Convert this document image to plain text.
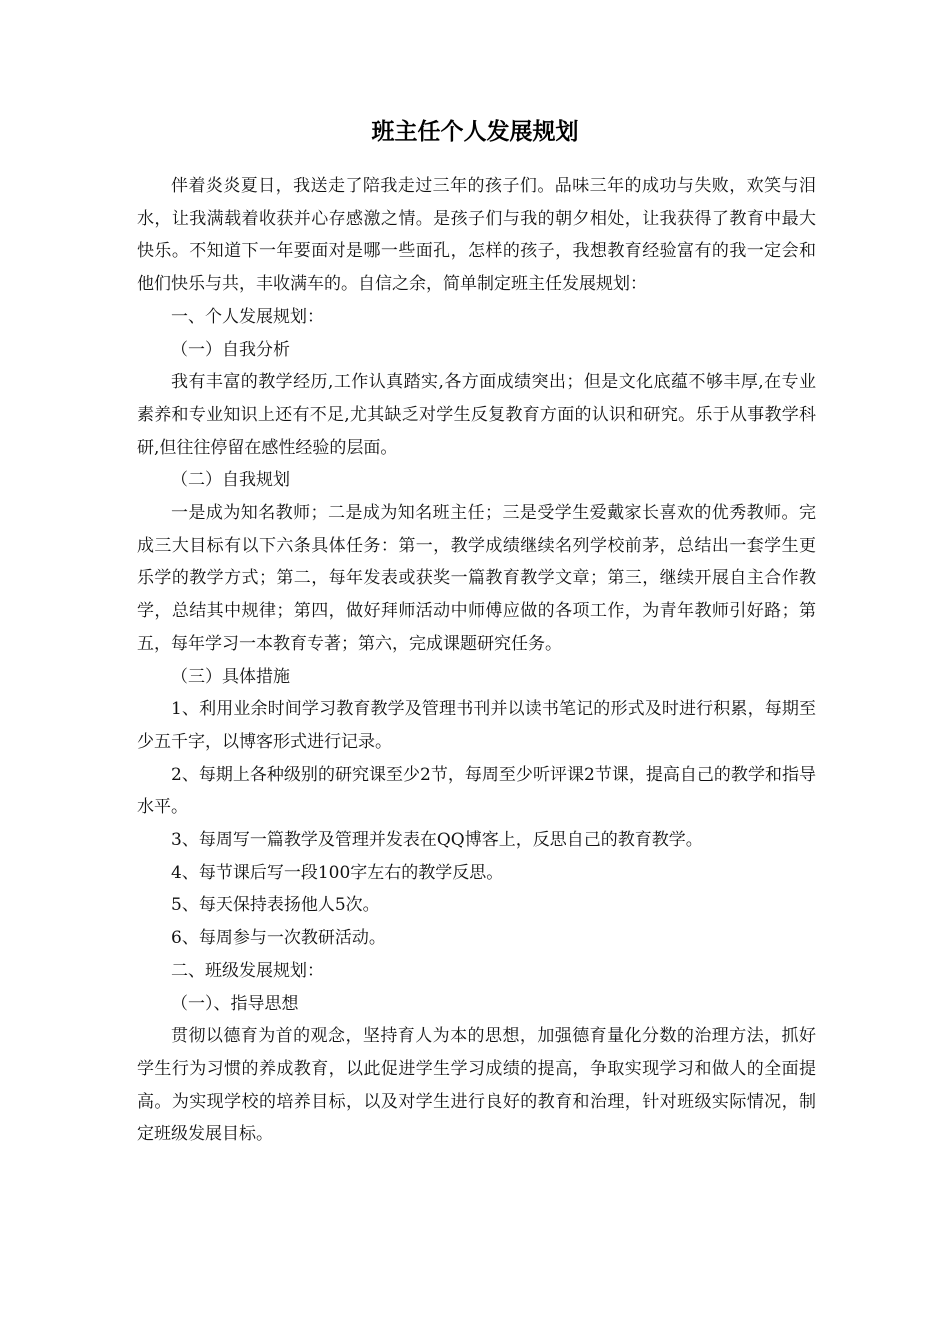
班主任个人发展规划

伴着炎炎夏日，我送走了陪我走过三年的孩子们。品味三年的成功与失败，欢笑与泪水，让我满载着收获并心存感激之情。是孩子们与我的朝夕相处，让我获得了教育中最大快乐。不知道下一年要面对是哪一些面孔，怎样的孩子，我想教育经验富有的我一定会和他们快乐与共，丰收满车的。自信之余，简单制定班主任发展规划：

一、个人发展规划：

（一）自我分析

我有丰富的教学经历,工作认真踏实,各方面成绩突出；但是文化底蕴不够丰厚,在专业素养和专业知识上还有不足,尤其缺乏对学生反复教育方面的认识和研究。乐于从事教学科研,但往往停留在感性经验的层面。

（二）自我规划

一是成为知名教师；二是成为知名班主任；三是受学生爱戴家长喜欢的优秀教师。完成三大目标有以下六条具体任务：第一，教学成绩继续名列学校前茅，总结出一套学生更乐学的教学方式；第二，每年发表或获奖一篇教育教学文章；第三，继续开展自主合作教学，总结其中规律；第四，做好拜师活动中师傅应做的各项工作，为青年教师引好路；第五，每年学习一本教育专著；第六，完成课题研究任务。

（三）具体措施

1、利用业余时间学习教育教学及管理书刊并以读书笔记的形式及时进行积累，每期至少五千字，以博客形式进行记录。

2、每期上各种级别的研究课至少2节，每周至少听评课2节课，提高自己的教学和指导水平。

3、每周写一篇教学及管理并发表在QQ博客上，反思自己的教育教学。

4、每节课后写一段100字左右的教学反思。

5、每天保持表扬他人5次。

6、每周参与一次教研活动。

二、班级发展规划：

（一）、指导思想

贯彻以德育为首的观念，坚持育人为本的思想，加强德育量化分数的治理方法，抓好学生行为习惯的养成教育，以此促进学生学习成绩的提高，争取实现学习和做人的全面提高。为实现学校的培养目标，以及对学生进行良好的教育和治理，针对班级实际情况，制定班级发展目标。
